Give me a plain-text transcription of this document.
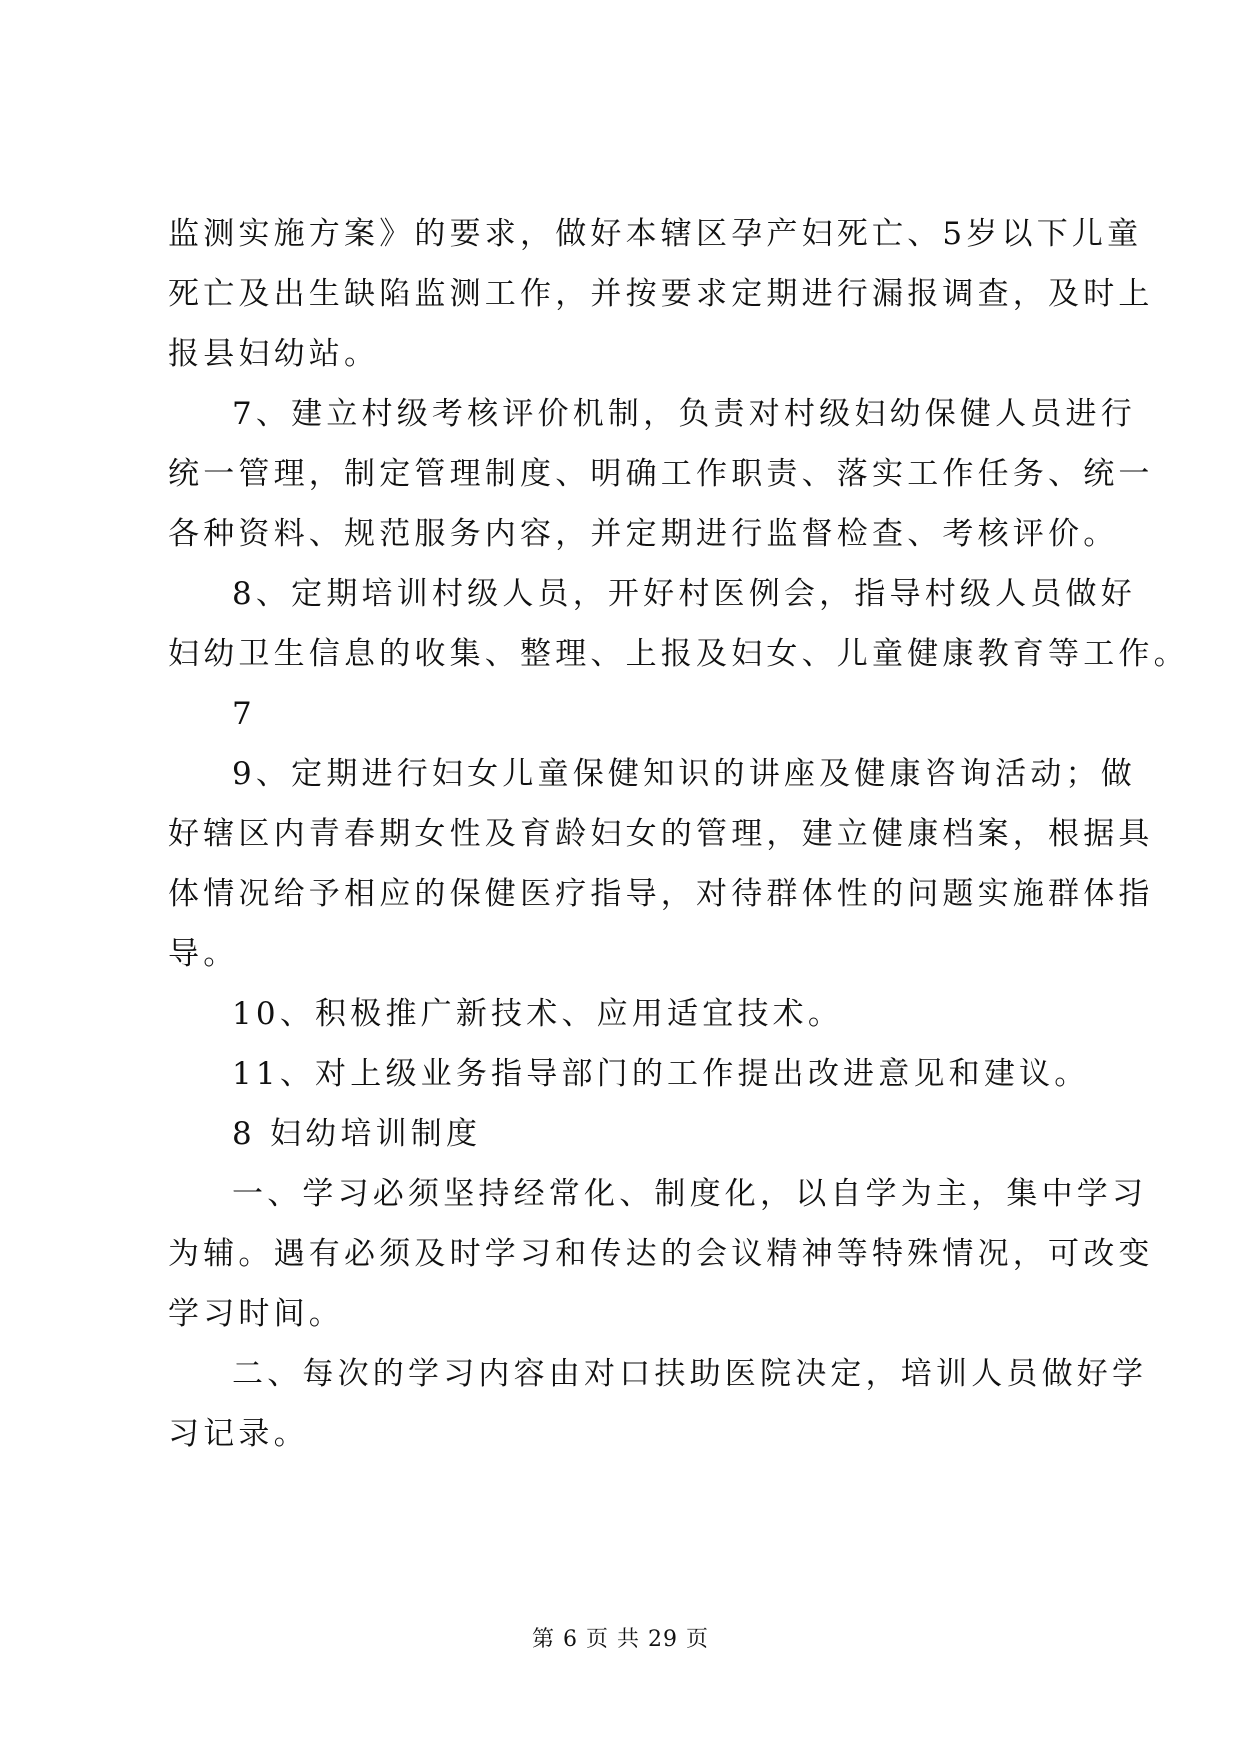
监测实施方案》的要求，做好本辖区孕产妇死亡、5岁以下儿童
死亡及出生缺陷监测工作，并按要求定期进行漏报调查，及时上
报县妇幼站。
7、建立村级考核评价机制，负责对村级妇幼保健人员进行
统一管理，制定管理制度、明确工作职责、落实工作任务、统一
各种资料、规范服务内容，并定期进行监督检查、考核评价。
8、定期培训村级人员，开好村医例会，指导村级人员做好
妇幼卫生信息的收集、整理、上报及妇女、儿童健康教育等工作。
7
9、定期进行妇女儿童保健知识的讲座及健康咨询活动；做
好辖区内青春期女性及育龄妇女的管理，建立健康档案，根据具
体情况给予相应的保健医疗指导，对待群体性的问题实施群体指
导。
10、积极推广新技术、应用适宜技术。
11、对上级业务指导部门的工作提出改进意见和建议。
8 妇幼培训制度
一、学习必须坚持经常化、制度化，以自学为主，集中学习
为辅。遇有必须及时学习和传达的会议精神等特殊情况，可改变
学习时间。
二、每次的学习内容由对口扶助医院决定，培训人员做好学
习记录。
第 6 页 共 29 页
